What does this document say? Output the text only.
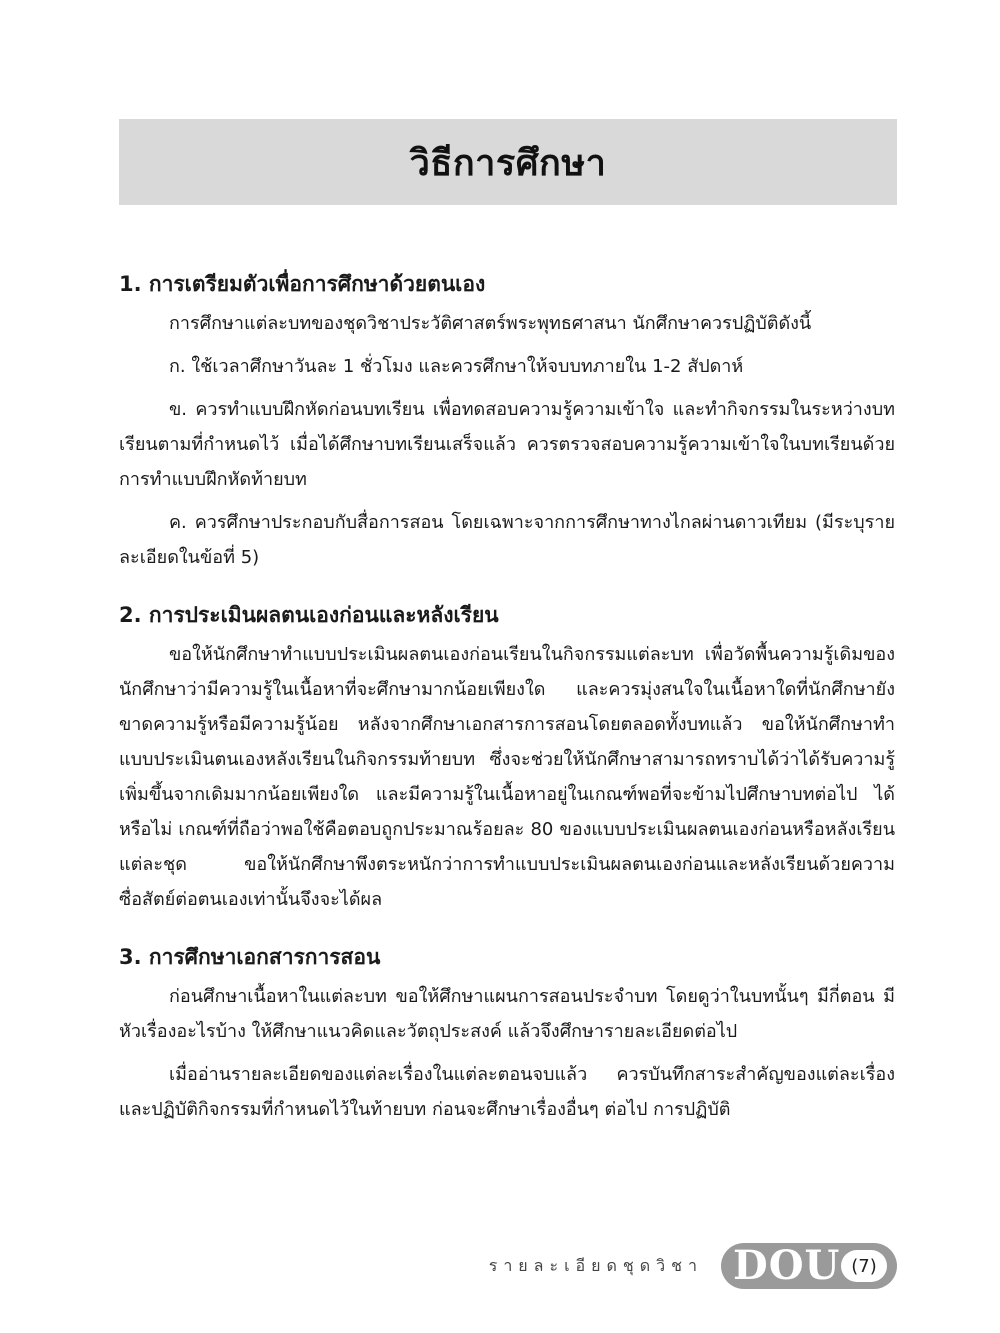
วิธีการศึกษา
1. การเตรียมตัวเพื่อการศึกษาด้วยตนเอง

การศึกษาแต่ละบทของชุดวิชาประวัติศาสตร์พระพุทธศาสนา นักศึกษาควรปฏิบัติดังนี้

ก. ใช้เวลาศึกษาวันละ 1 ชั่วโมง และควรศึกษาให้จบบทภายใน 1-2 สัปดาห์

ข. ควรทำแบบฝึกหัดก่อนบทเรียน เพื่อทดสอบความรู้ความเข้าใจ และทำกิจกรรมในระหว่างบทเรียนตามที่กำหนดไว้ เมื่อได้ศึกษาบทเรียนเสร็จแล้ว ควรตรวจสอบความรู้ความเข้าใจในบทเรียนด้วยการทำแบบฝึกหัดท้ายบท

ค. ควรศึกษาประกอบกับสื่อการสอน โดยเฉพาะจากการศึกษาทางไกลผ่านดาวเทียม (มีระบุรายละเอียดในข้อที่ 5)

2. การประเมินผลตนเองก่อนและหลังเรียน

ขอให้นักศึกษาทำแบบประเมินผลตนเองก่อนเรียนในกิจกรรมแต่ละบท เพื่อวัดพื้นความรู้เดิมของนักศึกษาว่ามีความรู้ในเนื้อหาที่จะศึกษามากน้อยเพียงใด และควรมุ่งสนใจในเนื้อหาใดที่นักศึกษายังขาดความรู้หรือมีความรู้น้อย หลังจากศึกษาเอกสารการสอนโดยตลอดทั้งบทแล้ว ขอให้นักศึกษาทำแบบประเมินตนเองหลังเรียนในกิจกรรมท้ายบท ซึ่งจะช่วยให้นักศึกษาสามารถทราบได้ว่าได้รับความรู้เพิ่มขึ้นจากเดิมมากน้อยเพียงใด และมีความรู้ในเนื้อหาอยู่ในเกณฑ์พอที่จะข้ามไปศึกษาบทต่อไป ได้หรือไม่ เกณฑ์ที่ถือว่าพอใช้คือตอบถูกประมาณร้อยละ 80 ของแบบประเมินผลตนเองก่อนหรือหลังเรียนแต่ละชุด ขอให้นักศึกษาพึงตระหนักว่าการทำแบบประเมินผลตนเองก่อนและหลังเรียนด้วยความซื่อสัตย์ต่อตนเองเท่านั้นจึงจะได้ผล

3. การศึกษาเอกสารการสอน

ก่อนศึกษาเนื้อหาในแต่ละบท ขอให้ศึกษาแผนการสอนประจำบท โดยดูว่าในบทนั้นๆ มีกี่ตอน มีหัวเรื่องอะไรบ้าง ให้ศึกษาแนวคิดและวัตถุประสงค์ แล้วจึงศึกษารายละเอียดต่อไป

เมื่ออ่านรายละเอียดของแต่ละเรื่องในแต่ละตอนจบแล้ว ควรบันทึกสาระสำคัญของแต่ละเรื่องและปฏิบัติกิจกรรมที่กำหนดไว้ในท้ายบท ก่อนจะศึกษาเรื่องอื่นๆ ต่อไป การปฏิบัติ

รายละเอียดชุดวิชา DOU (7)
